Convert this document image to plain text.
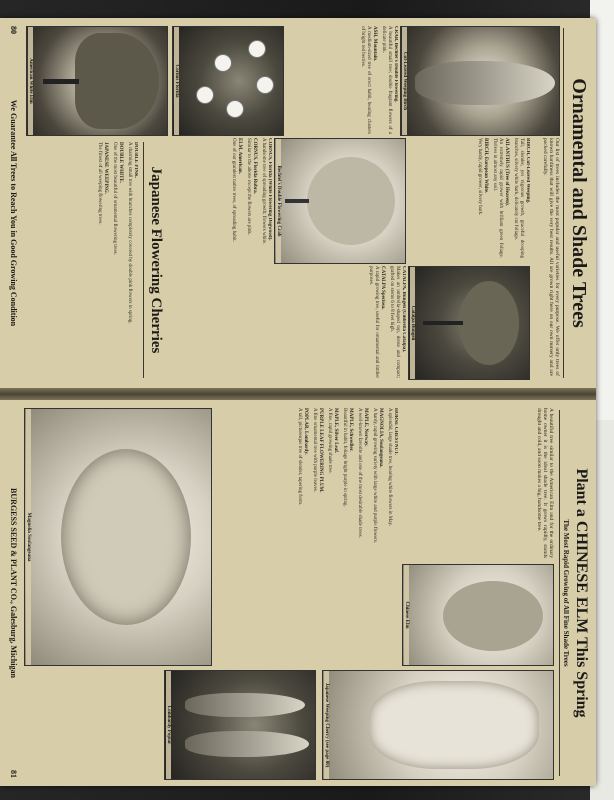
80
We Guarantee All Trees to Reach You in Good Growing Condition	Ornamental and Shade Trees
Our list of trees includes the most popular and useful varieties for every purpose. We offer only trees of known hardiness that will give the very best results. All are grown right here on our own nursery and are packed carefully.
Cut-Leaved Weeping Birch
BIRCH, Cut-Leaved Weeping.
Tall, slender, yet vigorous growth, graceful drooping branches, silvery white bark, delicately cut foliage.
AILANTHUS (Tree of Heaven).
An extremely rapid grower with brilliant green foliage. Thrives in almost any soil.
BIRCH, European White.
Very hardy, rapid grower, silvery bark.
Catalpa Bungeii
CRAB, Bechtel's Double Flowering.
A beautiful small tree; double fragrant flowers of a delicate pink.
ASH, Mountain.
A medium-sized tree of erect habit, bearing clusters of bright red berries.
CATALPA, Bungeii (Umbrella Catalpa).
Makes an umbrella-shaped top, dense and compact; grafted on stems 6 to 8 feet high.
CATALPA Speciosa.
A rapid growing tree, useful for ornamental and timber purposes.
Bechtel's Double Flowering Crab
Cornus Florida
CORNUS, Florida (White Flowering Dogwood).
A handsome tree of spreading growth; flowers white.
CORNUS, Florida Rubra.
Similar to the above except the flowers are pink.
ELM, American.
One of our grandest native trees, of spreading habit.
American White Elm
Japanese Flowering Cherries
DOUBLE PINK.
A charming small tree with branches completely covered by double pink flowers in spring.
DOUBLE WHITE.
One of the most beautiful of ornamental flowering trees.
JAPANESE WEEPING.
The finest of all weeping flowering trees.
Plant a CHINESE ELM This Spring
The Most Rapid Growing of All Fine Shade Trees
A beautiful tree similar to the American Elm and for the ordinary home owner it is the ideal shade tree. It grows rapidly, stands drought and cold, and soon makes a big, handsome tree.
Chinese Elm
Japanese Weeping Cherry (see page 80)
HORSE CHESTNUT.
A splendid, large shade tree, bearing white flowers in May.
MAGNOLIA, Soulangeana.
A hardy, rapid growing variety with large white and purple flowers.
MAPLE, Norway.
A well-known favorite and one of the most desirable shade trees.
MAPLE, Schwedler.
Beautiful in habit, foliage bright purple in spring.
MAPLE, Silver Leaf.
A fine, rapid growing shade tree.
PURPLE LEAF FLOWERING PLUM.
A fine ornamental tree with purple leaves.
POPLAR, Lombardy.
A tall, picturesque tree of slender, tapering form.
Lombardy Poplar
Magnolia Soulangeana
BURGESS SEED & PLANT CO., Galesburg, Michigan
81
